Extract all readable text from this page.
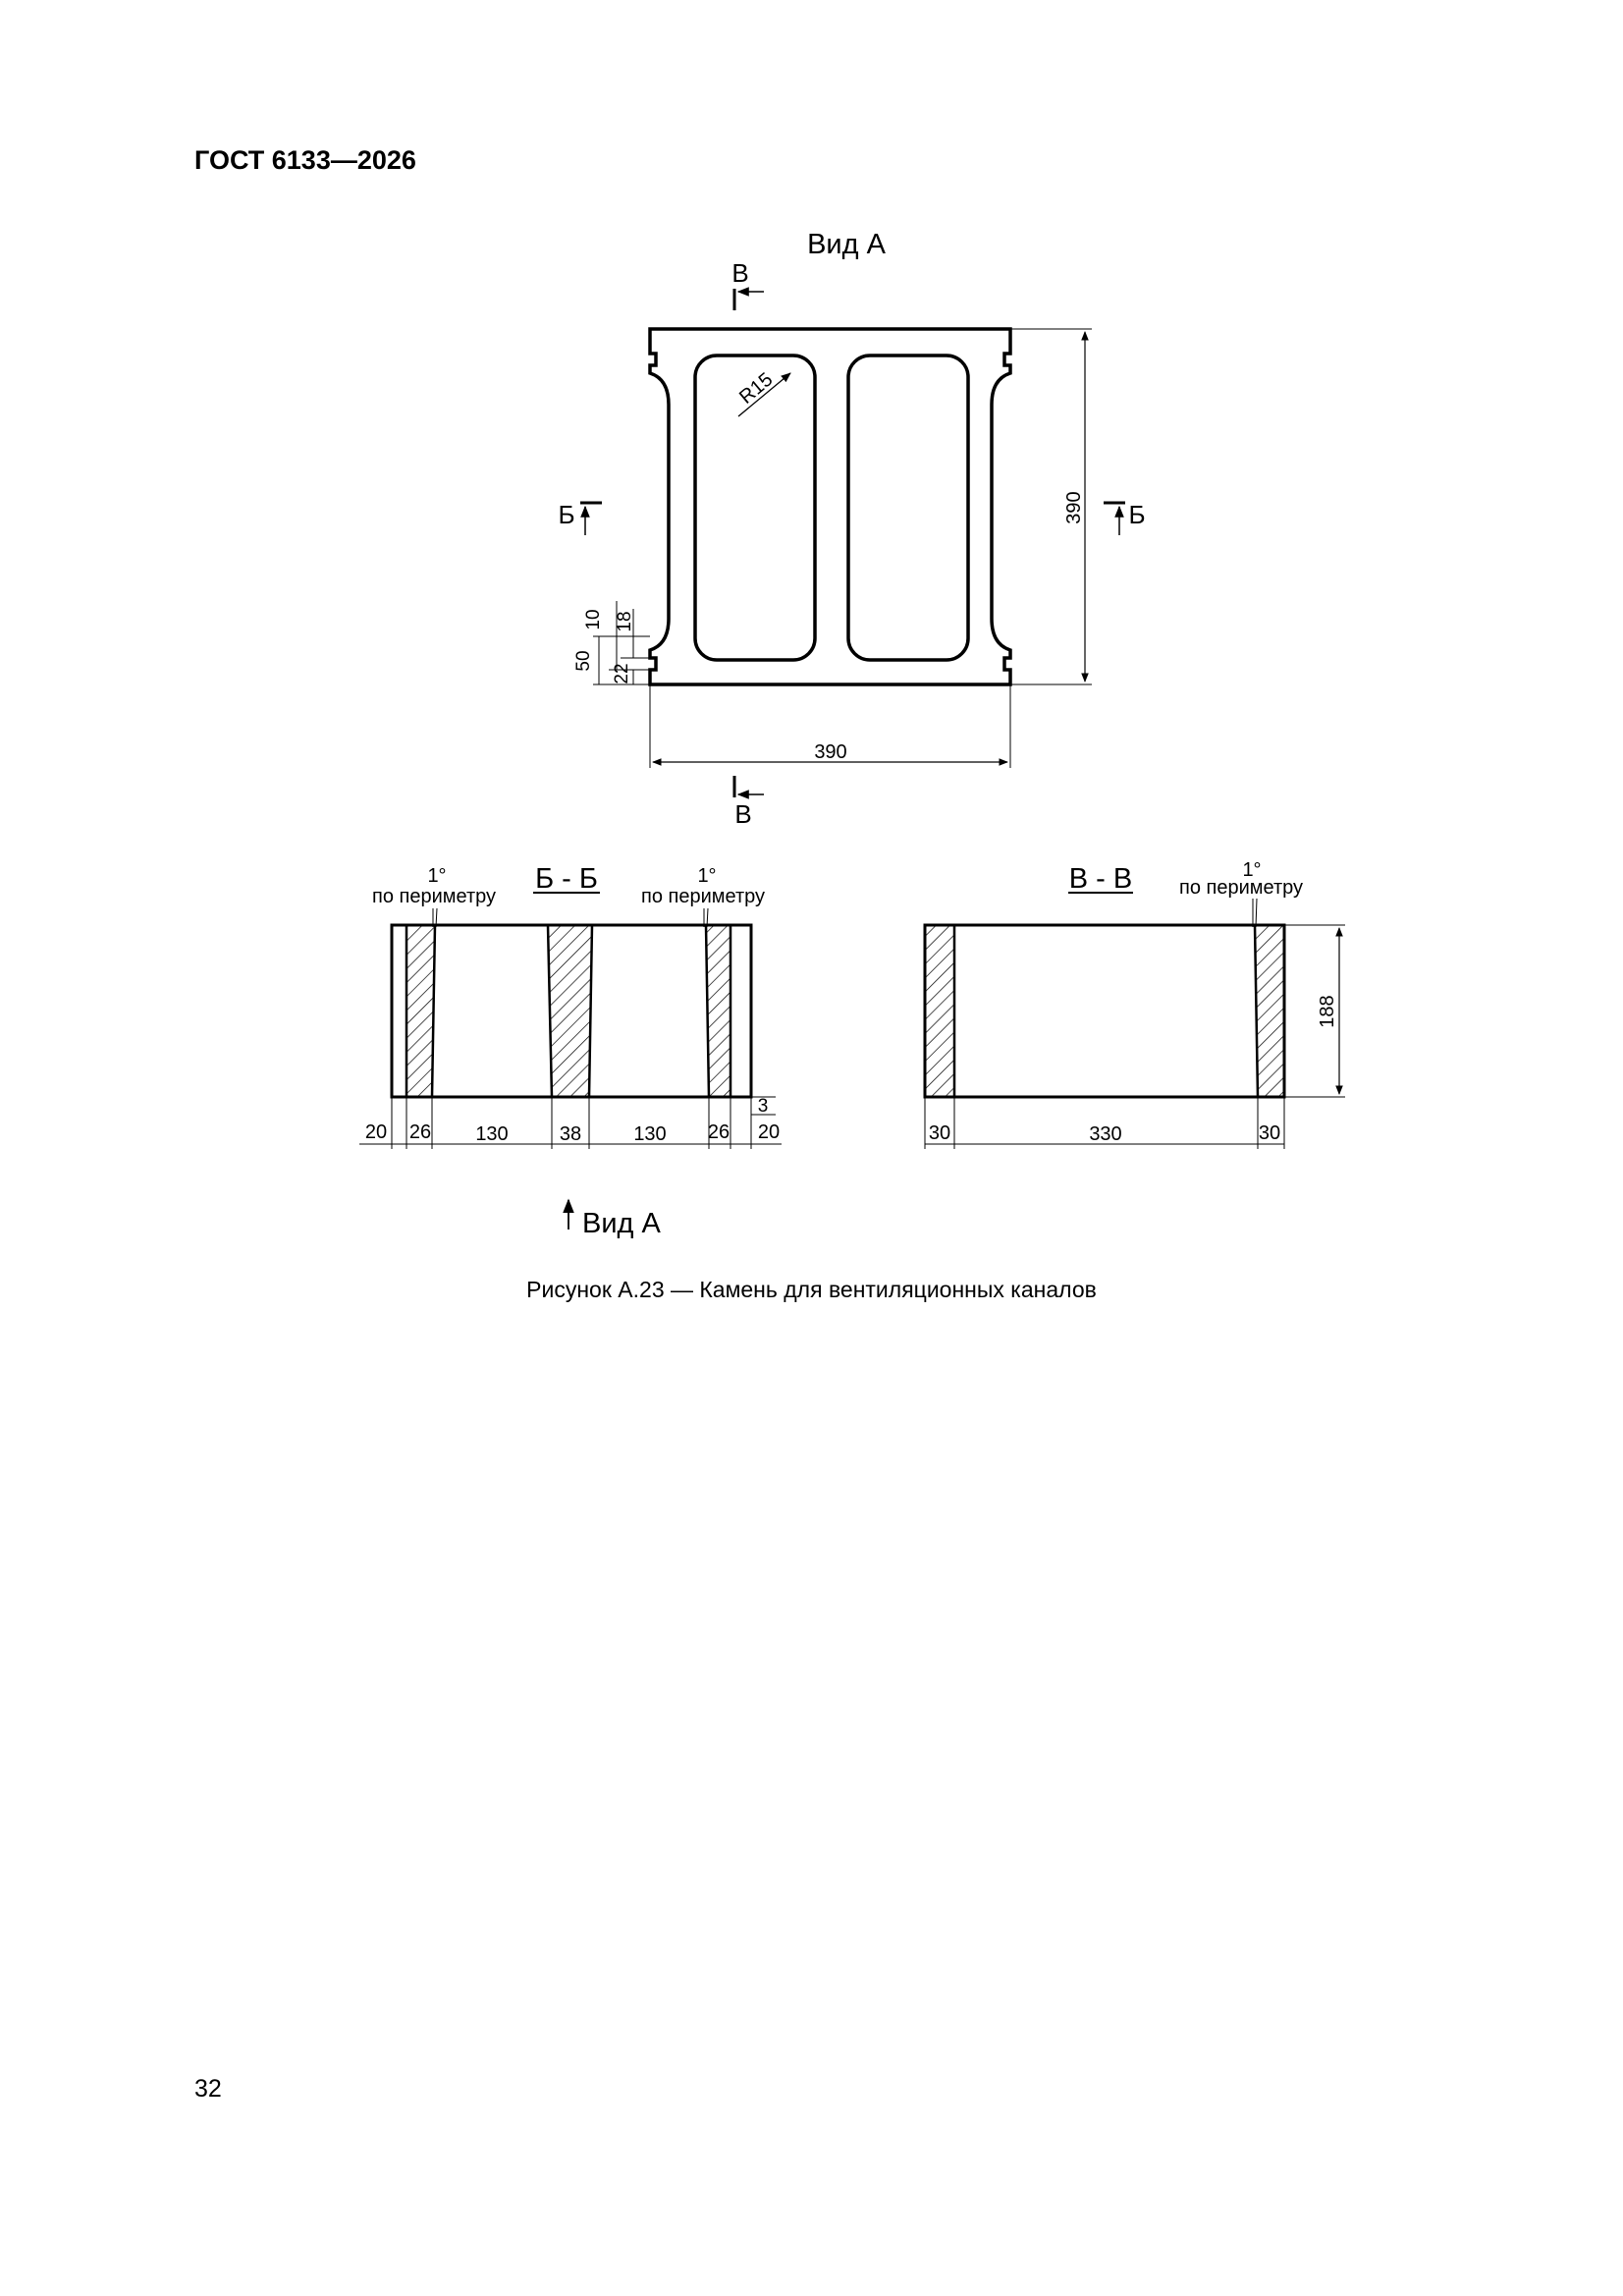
ГОСТ 6133—2026
Вид А
В
R15
390
Б	Б
50
10 18
22
390
В
Б - Б
1°
по периметру
1°
по периметру
20 26 130	38	130 26 20
3
Вид А
В - В	1°
по периметру
30	330	30
188
Рисунок А.23 — Камень для вентиляционных каналов
32
